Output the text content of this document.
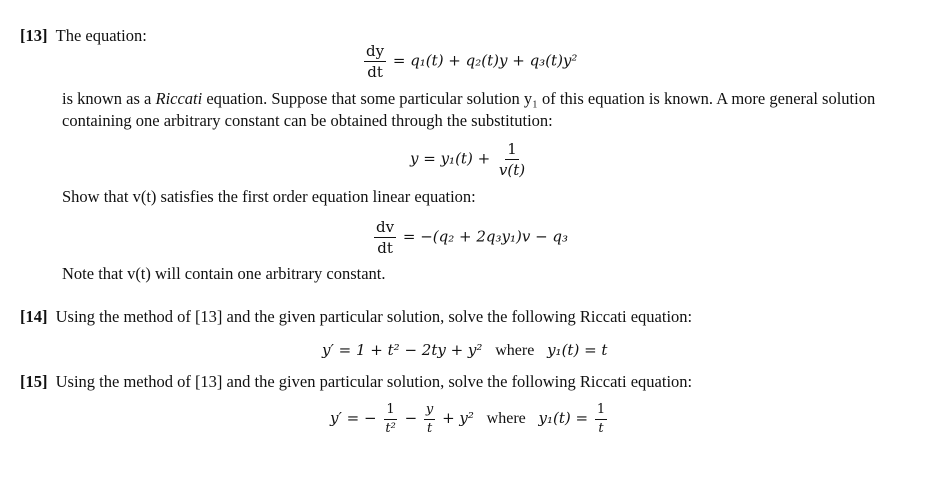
[13] The equation:
$\frac{dy}{dt} = q_1(t) + q_2(t)y + q_3(t)y^2$
is known as a Riccati equation. Suppose that some particular solution y₁ of this equation is known. A more general solution containing one arbitrary constant can be obtained through the substitution:
$y = y_1(t) + \frac{1}{v(t)}$
Show that v(t) satisfies the first order equation linear equation:
$\frac{dv}{dt} = -(q_2 + 2q_3y_1)v - q_3$
Note that v(t) will contain one arbitrary constant.
[14] Using the method of [13] and the given particular solution, solve the following Riccati equation:
y′ = 1 + t² − 2ty + y² where y₁(t) = t
[15] Using the method of [13] and the given particular solution, solve the following Riccati equation:
y′ = − $\frac{1}{\text{t²}} - \frac{y}{t} + y^2$ where $y_1(t) = \frac{1}{t}$
